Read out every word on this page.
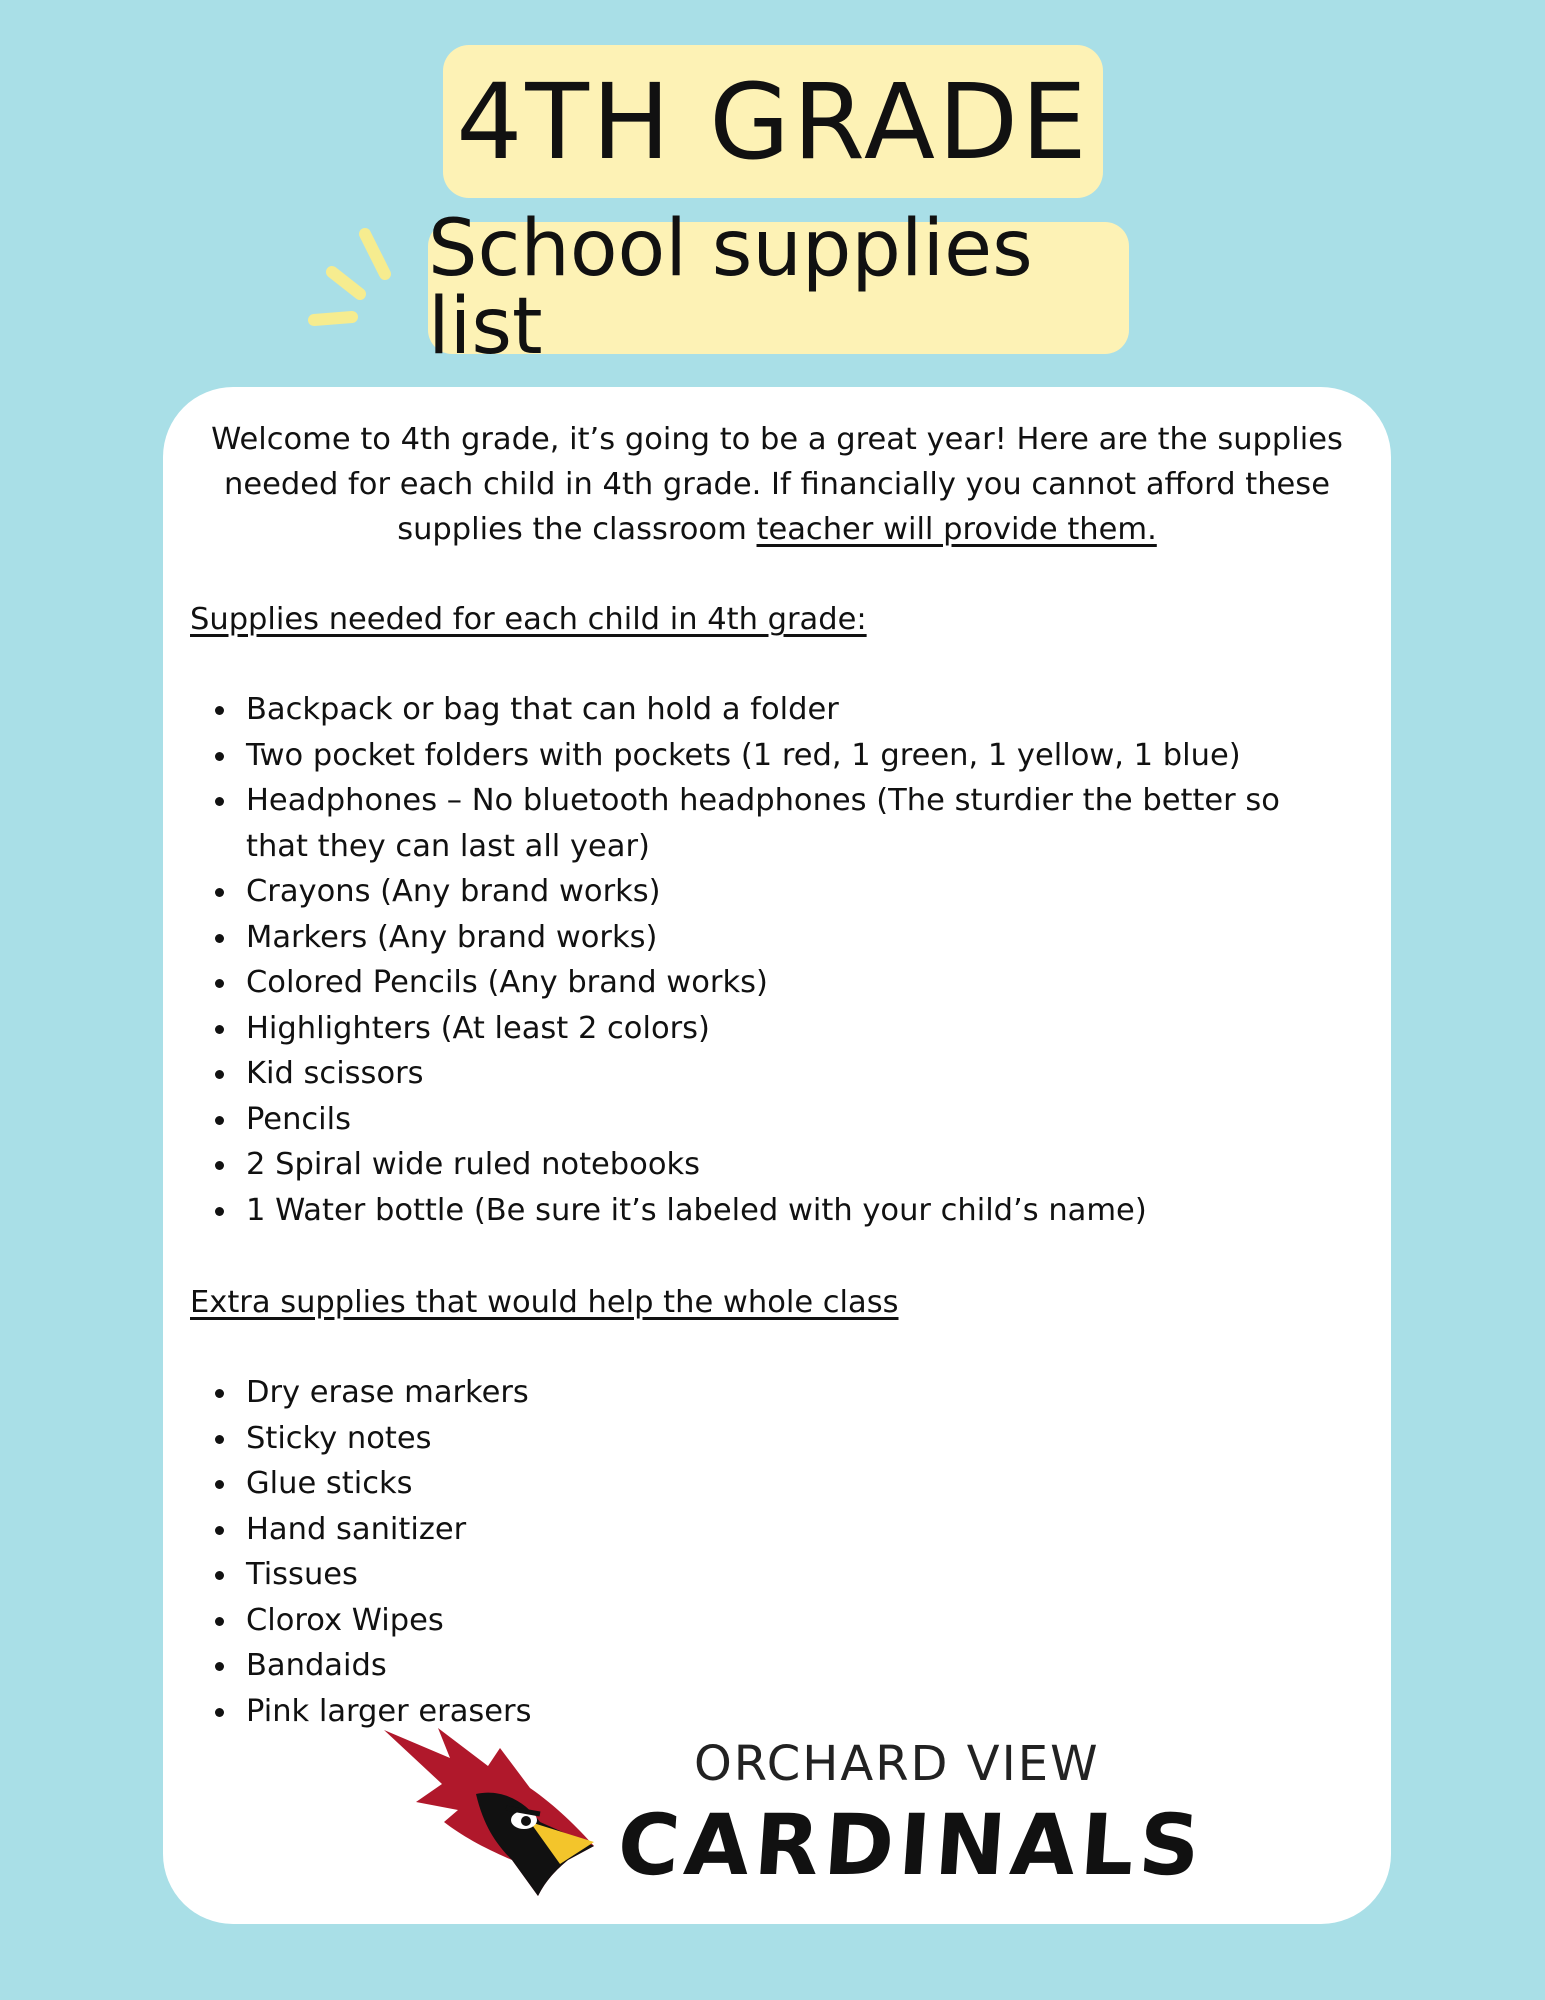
4TH GRADE
School supplies list
Welcome to 4th grade, it’s going to be a great year! Here are the supplies needed for each child in 4th grade. If financially you cannot afford these supplies the classroom teacher will provide them.
Supplies needed for each child in 4th grade:
Backpack or bag that can hold a folder
Two pocket folders with pockets (1 red, 1 green, 1 yellow, 1 blue)
Headphones – No bluetooth headphones (The sturdier the better so that they can last all year)
Crayons (Any brand works)
Markers (Any brand works)
Colored Pencils (Any brand works)
Highlighters (At least 2 colors)
Kid scissors
Pencils
2 Spiral wide ruled notebooks
1 Water bottle (Be sure it’s labeled with your child’s name)
Extra supplies that would help the whole class
Dry erase markers
Sticky notes
Glue sticks
Hand sanitizer
Tissues
Clorox Wipes
Bandaids
Pink larger erasers
ORCHARD VIEW
CARDINALS
